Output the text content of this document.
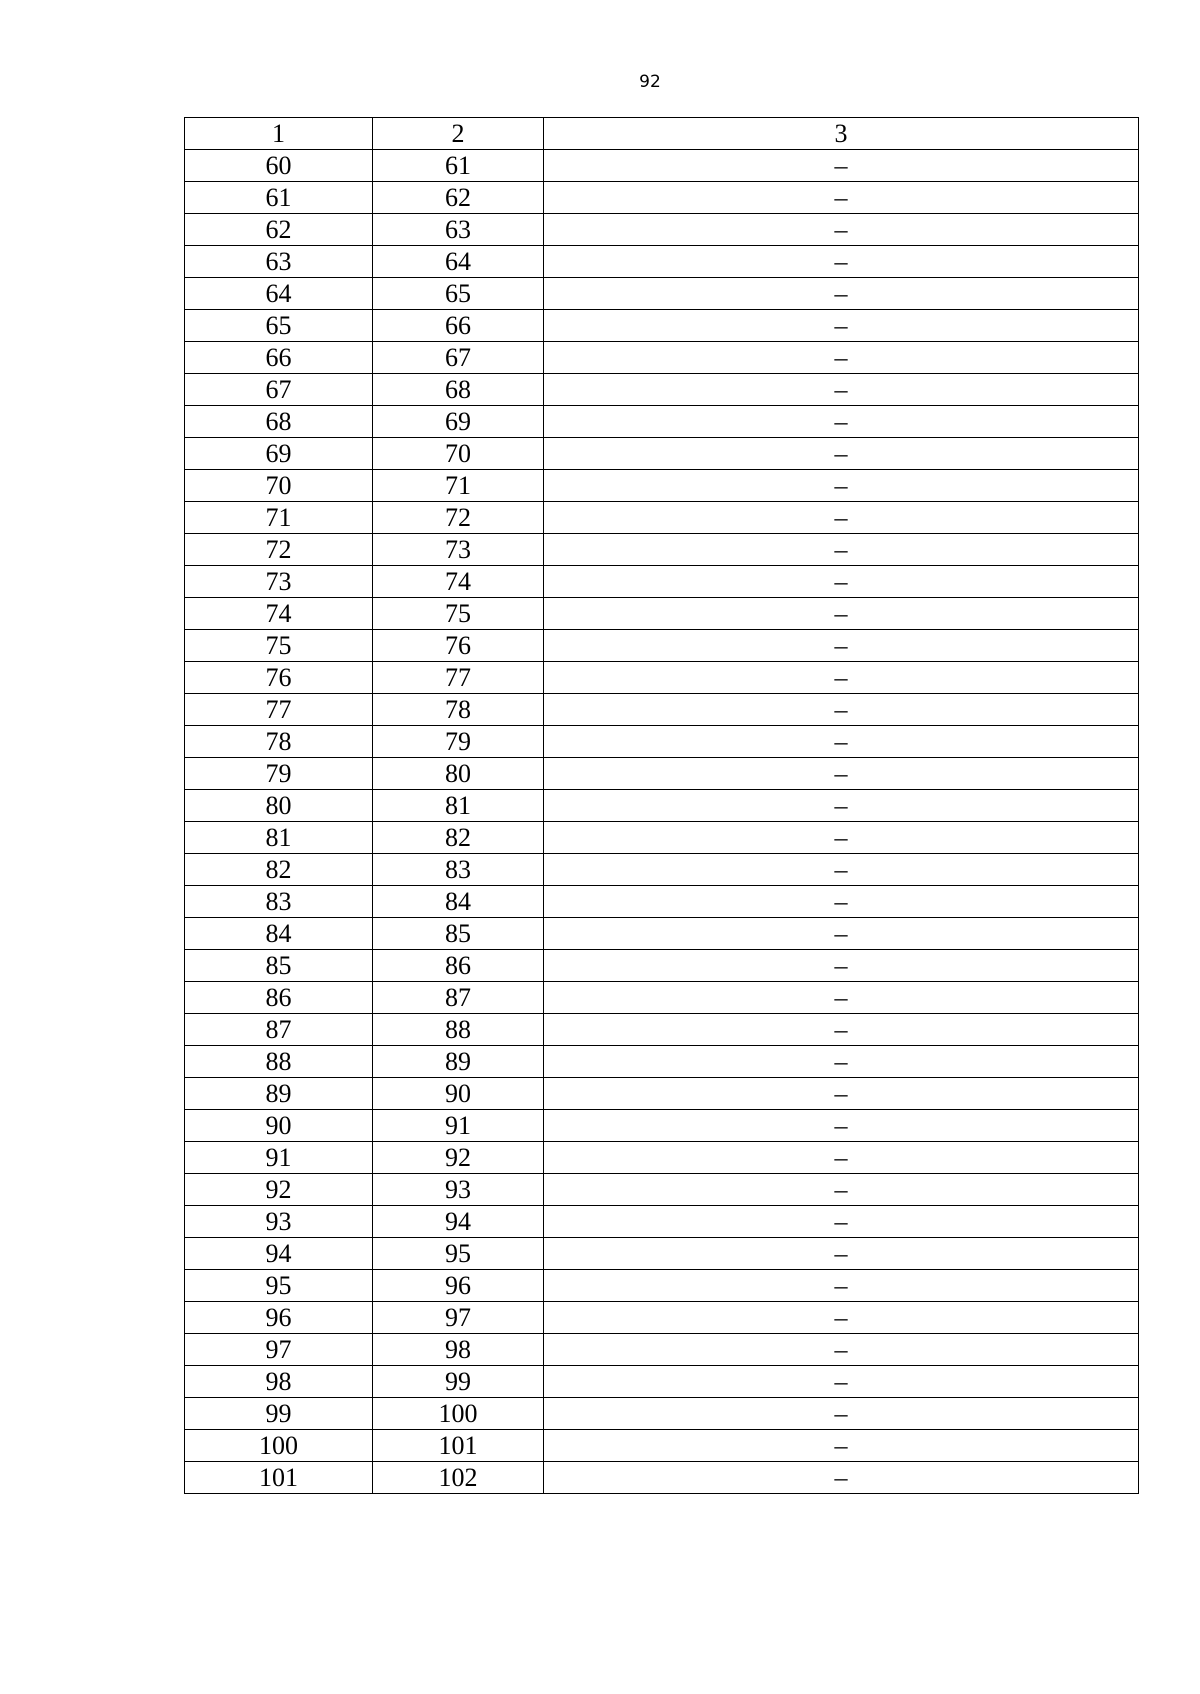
92
1	2	3
60	61	–
61	62	–
62	63	–
63	64	–
64	65	–
65	66	–
66	67	–
67	68	–
68	69	–
69	70	–
70	71	–
71	72	–
72	73	–
73	74	–
74	75	–
75	76	–
76	77	–
77	78	–
78	79	–
79	80	–
80	81	–
81	82	–
82	83	–
83	84	–
84	85	–
85	86	–
86	87	–
87	88	–
88	89	–
89	90	–
90	91	–
91	92	–
92	93	–
93	94	–
94	95	–
95	96	–
96	97	–
97	98	–
98	99	–
99	100	–
100	101	–
101	102	–
